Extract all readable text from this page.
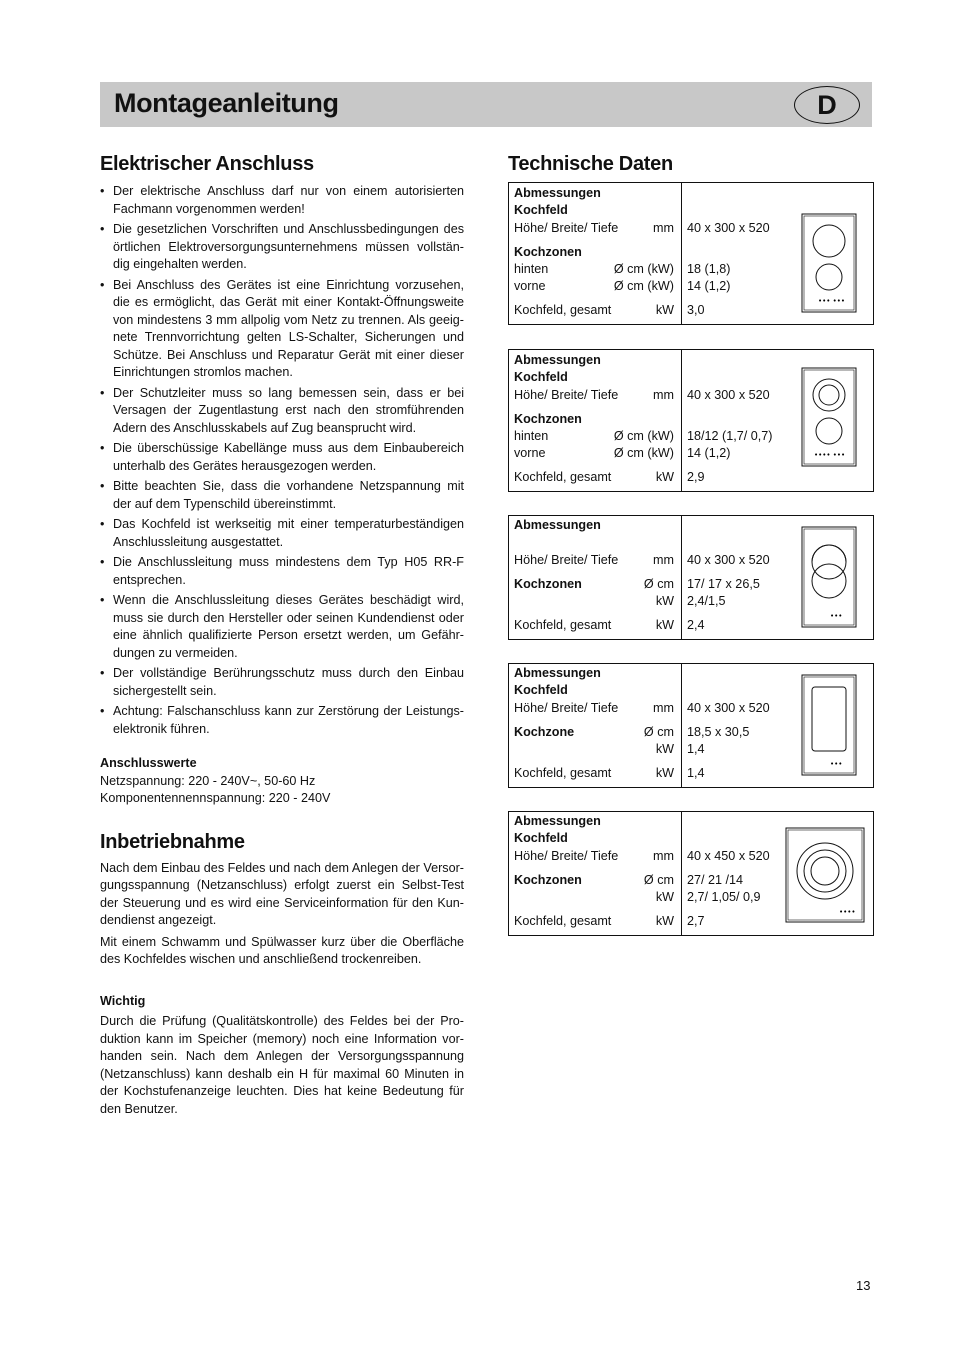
Montageanleitung	D
Elektrischer Anschluss
• Der elektrische Anschluss darf nur von einem autorisierten Fachmann vorgenommen werden!
• Die gesetzlichen Vorschriften und Anschlussbedingungen des örtlichen Elektroversorgungsunternehmens müssen vollstän-dig eingehalten werden.
• Bei Anschluss des Gerätes ist eine Einrichtung vorzusehen, die es ermöglicht, das Gerät mit einer Kontakt-Öffnungsweite von mindestens 3 mm allpolig vom Netz zu trennen. Als geeig-nete Trennvorrichtung gelten LS-Schalter, Sicherungen und Schütze. Bei Anschluss und Reparatur Gerät mit einer dieser Einrichtungen stromlos machen.
• Der Schutzleiter muss so lang bemessen sein, dass er bei Versagen der Zugentlastung erst nach den stromführenden Adern des Anschlusskabels auf Zug beansprucht wird.
• Die überschüssige Kabellänge muss aus dem Einbaubereich unterhalb des Gerätes herausgezogen werden.
• Bitte beachten Sie, dass die vorhandene Netzspannung mit der auf dem Typenschild übereinstimmt.
• Das Kochfeld ist werkseitig mit einer temperaturbeständigen Anschlussleitung ausgestattet.
• Die Anschlussleitung muss mindestens dem Typ H05 RR-F entsprechen.
• Wenn die Anschlussleitung dieses Gerätes beschädigt wird, muss sie durch den Hersteller oder seinen Kundendienst oder eine ähnlich qualifizierte Person ersetzt werden, um Gefähr-dungen zu vermeiden.
• Der vollständige Berührungsschutz muss durch den Einbau sichergestellt sein.
• Achtung: Falschanschluss kann zur Zerstörung der Leistungs-elektronik führen.
Anschlusswerte
Netzspannung: 220 - 240V~, 50-60 Hz
Komponentennennspannung: 220 - 240V
Inbetriebnahme

Nach dem Einbau des Feldes und nach dem Anlegen der Versor-gungsspannung (Netzanschluss) erfolgt zuerst ein Selbst-Test der Steuerung und es wird eine Serviceinformation für den Kun-dendienst angezeigt.

Mit einem Schwamm und Spülwasser kurz über die Oberfläche des Kochfeldes wischen und anschließend trockenreiben.

Wichtig

Durch die Prüfung (Qualitätskontrolle) des Feldes bei der Pro-duktion kann im Speicher (memory) noch eine Information vor-handen sein. Nach dem Anlegen der Versorgungsspannung (Netzanschluss) kann deshalb ein H für maximal 60 Minuten in der Kochstufenanzeige leuchten. Dies hat keine Bedeutung für den Benutzer.

Technische Daten
Abmessungen
Kochfeld
Höhe/ Breite/ Tiefe	mm 40 x 300 x 520
Kochzonen
hinten	Ø cm (kW) 18 (1,8)
vorne	Ø cm (kW) 14 (1,2)
Kochfeld, gesamt	kW 3,0
••• •••
Abmessungen
Kochfeld
Höhe/ Breite/ Tiefe	mm 40 x 300 x 520
Kochzonen
hinten	Ø cm (kW) 18/12 (1,7/ 0,7)
vorne	Ø cm (kW) 14 (1,2)
Kochfeld, gesamt	kW 2,9
•••• •••
Abmessungen
Höhe/ Breite/ Tiefe	mm 40 x 300 x 520
Kochzonen	Ø cm 17/ 17 x 26,5
kW 2,4/1,5
Kochfeld, gesamt	kW 2,4
•••
Abmessungen
Kochfeld
Höhe/ Breite/ Tiefe	mm 40 x 300 x 520
Kochzone	Ø cm 18,5 x 30,5
kW 1,4
Kochfeld, gesamt	kW 1,4
•••
Abmessungen
Kochfeld
Höhe/ Breite/ Tiefe	mm 40 x 450 x 520
Kochzonen	Ø cm 27/ 21 /14
kW 2,7/ 1,05/ 0,9
Kochfeld, gesamt	kW 2,7
••••
13
